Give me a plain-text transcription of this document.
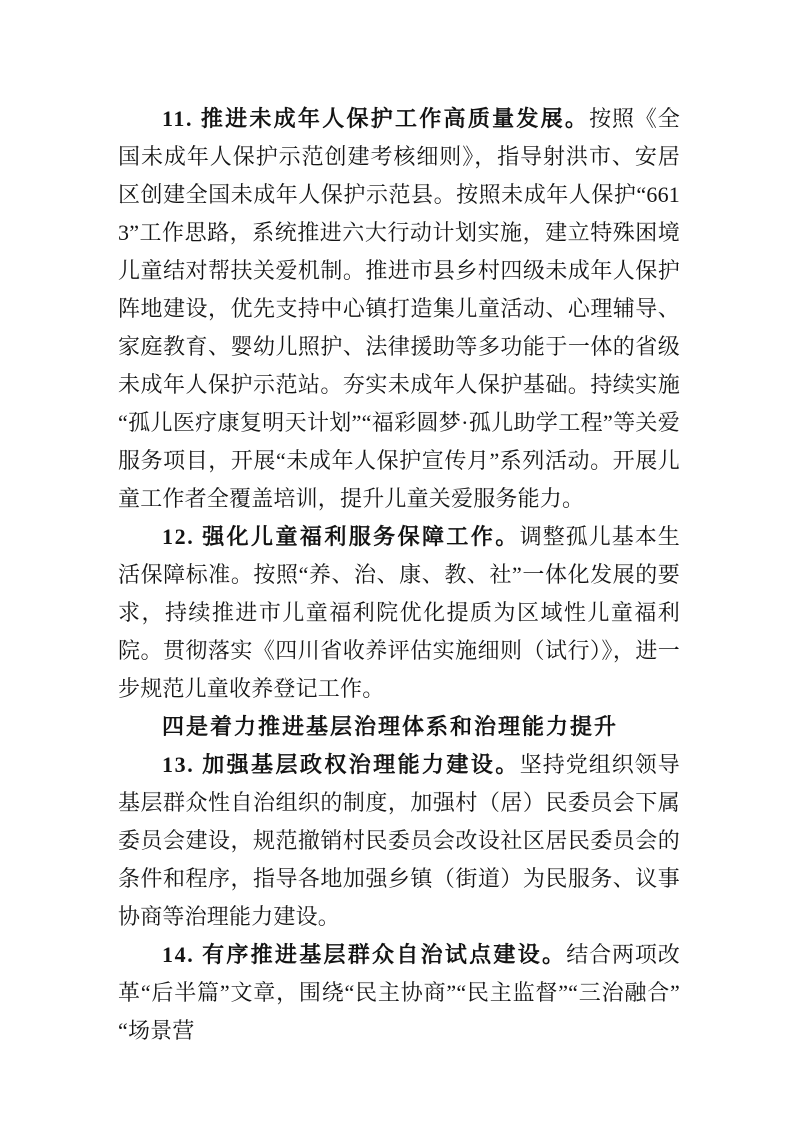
11. 推进未成年人保护工作高质量发展。按照《全国未成年人保护示范创建考核细则》，指导射洪市、安居区创建全国未成年人保护示范县。按照未成年人保护“6613”工作思路，系统推进六大行动计划实施，建立特殊困境儿童结对帮扶关爱机制。推进市县乡村四级未成年人保护阵地建设，优先支持中心镇打造集儿童活动、心理辅导、家庭教育、婴幼儿照护、法律援助等多功能于一体的省级未成年人保护示范站。夯实未成年人保护基础。持续实施“孤儿医疗康复明天计划”“福彩圆梦·孤儿助学工程”等关爱服务项目，开展“未成年人保护宣传月”系列活动。开展儿童工作者全覆盖培训，提升儿童关爱服务能力。

12. 强化儿童福利服务保障工作。调整孤儿基本生活保障标准。按照“养、治、康、教、社”一体化发展的要求，持续推进市儿童福利院优化提质为区域性儿童福利院。贯彻落实《四川省收养评估实施细则（试行）》，进一步规范儿童收养登记工作。

四是着力推进基层治理体系和治理能力提升

13. 加强基层政权治理能力建设。坚持党组织领导基层群众性自治组织的制度，加强村（居）民委员会下属委员会建设，规范撤销村民委员会改设社区居民委员会的条件和程序，指导各地加强乡镇（街道）为民服务、议事协商等治理能力建设。

14. 有序推进基层群众自治试点建设。结合两项改革“后半篇”文章，围绕“民主协商”“民主监督”“三治融合”“场景营
